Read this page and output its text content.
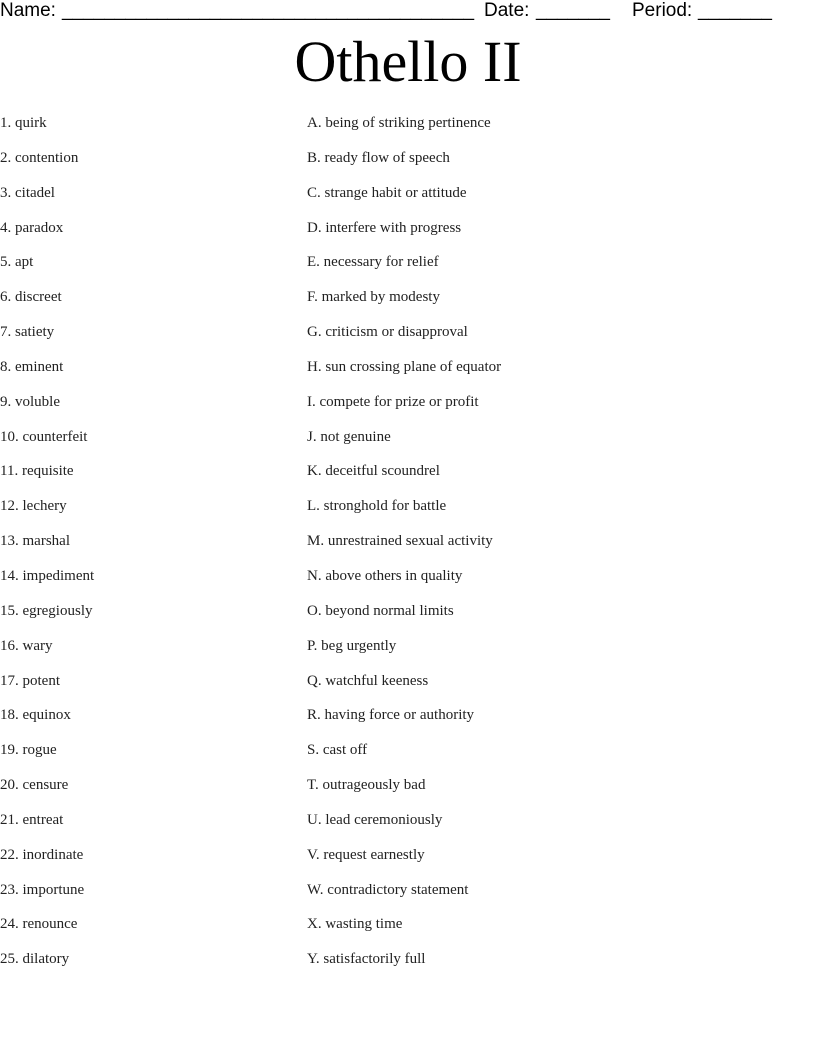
Name: _______________________________________ Date: _______ Period: _______
Othello II
1. quirk
2. contention
3. citadel
4. paradox
5. apt
6. discreet
7. satiety
8. eminent
9. voluble
10. counterfeit
11. requisite
12. lechery
13. marshal
14. impediment
15. egregiously
16. wary
17. potent
18. equinox
19. rogue
20. censure
21. entreat
22. inordinate
23. importune
24. renounce
25. dilatory
A. being of striking pertinence
B. ready flow of speech
C. strange habit or attitude
D. interfere with progress
E. necessary for relief
F. marked by modesty
G. criticism or disapproval
H. sun crossing plane of equator
I. compete for prize or profit
J. not genuine
K. deceitful scoundrel
L. stronghold for battle
M. unrestrained sexual activity
N. above others in quality
O. beyond normal limits
P. beg urgently
Q. watchful keeness
R. having force or authority
S. cast off
T. outrageously bad
U. lead ceremoniously
V. request earnestly
W. contradictory statement
X. wasting time
Y. satisfactorily full
